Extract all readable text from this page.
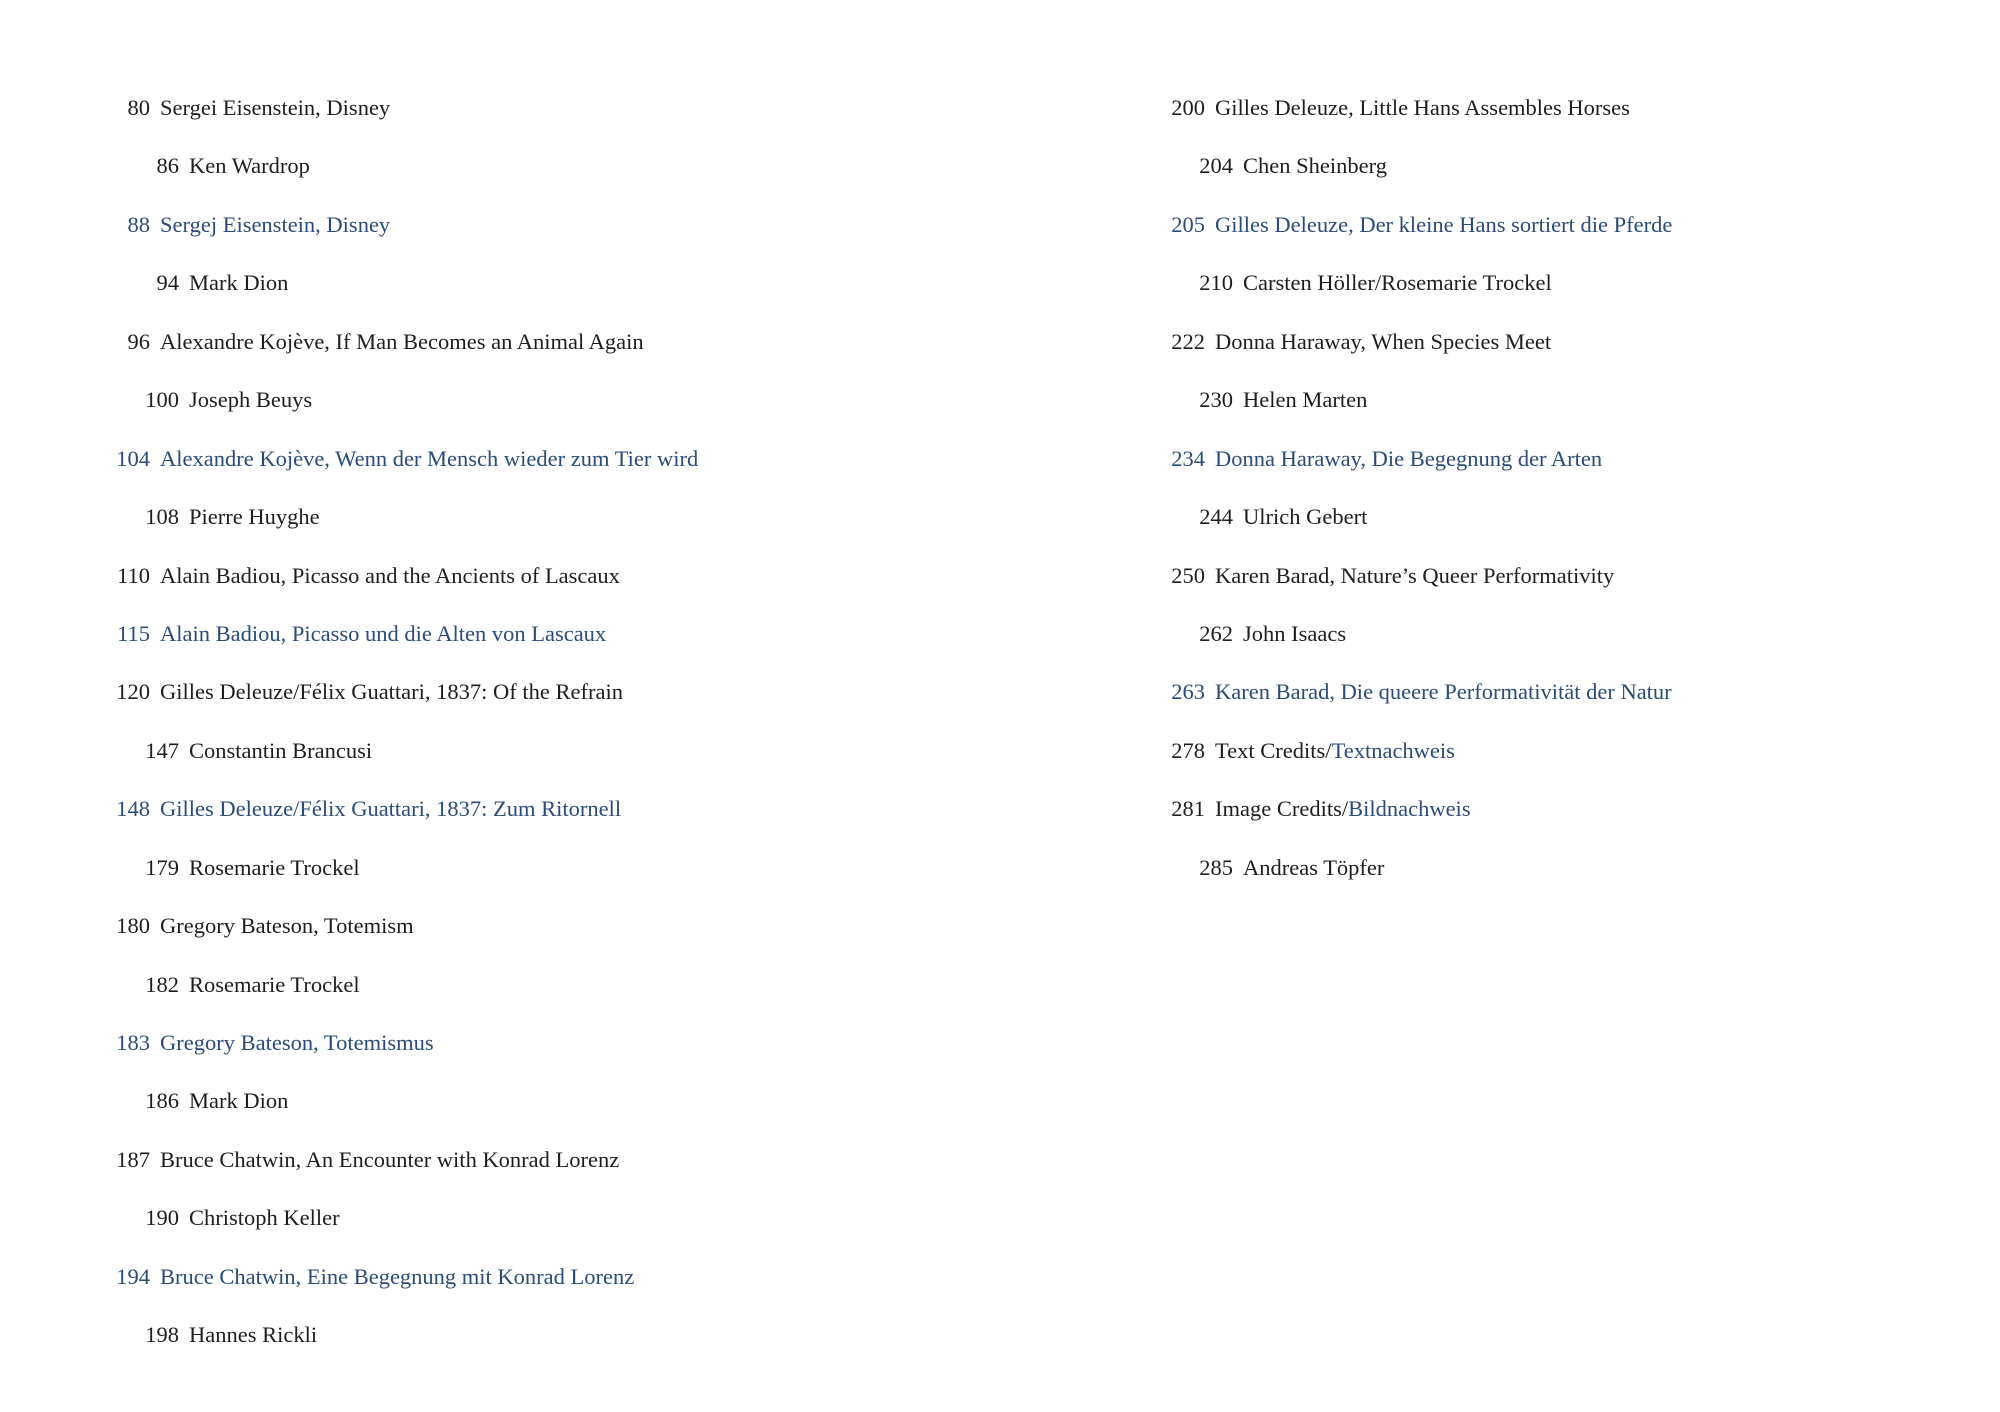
80 Sergei Eisenstein, Disney
86 Ken Wardrop
88 Sergej Eisenstein, Disney
94 Mark Dion
96 Alexandre Kojève, If Man Becomes an Animal Again
100 Joseph Beuys
104 Alexandre Kojève, Wenn der Mensch wieder zum Tier wird
108 Pierre Huyghe
110 Alain Badiou, Picasso and the Ancients of Lascaux
115 Alain Badiou, Picasso und die Alten von Lascaux
120 Gilles Deleuze/Félix Guattari, 1837: Of the Refrain
147 Constantin Brancusi
148 Gilles Deleuze/Félix Guattari, 1837: Zum Ritornell
179 Rosemarie Trockel
180 Gregory Bateson, Totemism
182 Rosemarie Trockel
183 Gregory Bateson, Totemismus
186 Mark Dion
187 Bruce Chatwin, An Encounter with Konrad Lorenz
190 Christoph Keller
194 Bruce Chatwin, Eine Begegnung mit Konrad Lorenz
198 Hannes Rickli
200 Gilles Deleuze, Little Hans Assembles Horses
204 Chen Sheinberg
205 Gilles Deleuze, Der kleine Hans sortiert die Pferde
210 Carsten Höller/Rosemarie Trockel
222 Donna Haraway, When Species Meet
230 Helen Marten
234 Donna Haraway, Die Begegnung der Arten
244 Ulrich Gebert
250 Karen Barad, Nature’s Queer Performativity
262 John Isaacs
263 Karen Barad, Die queere Performativität der Natur
278 Text Credits/Textnachweis
281 Image Credits/Bildnachweis
285 Andreas Töpfer
